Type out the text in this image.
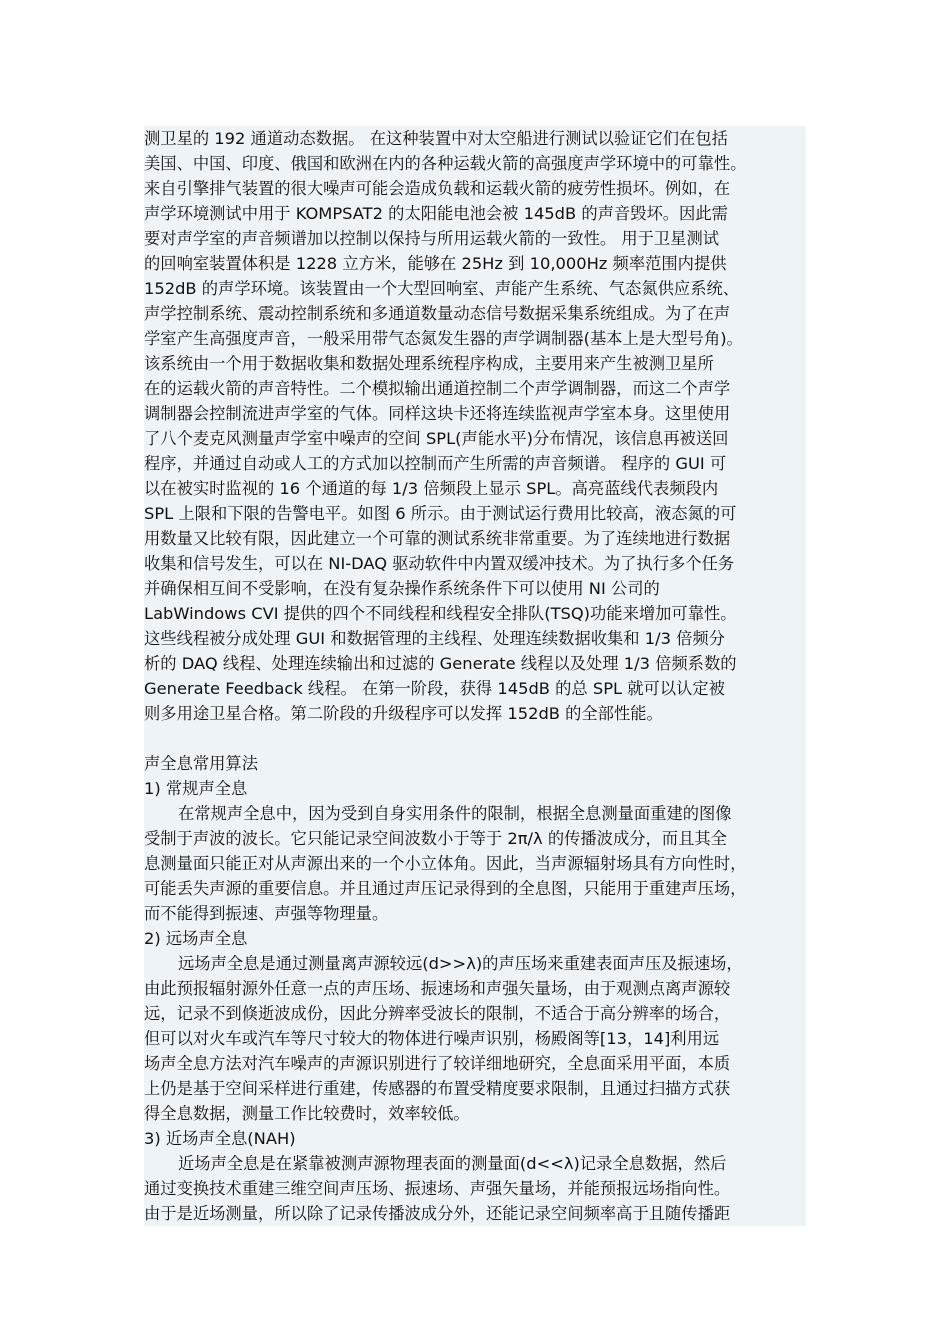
测卫星的 192 通道动态数据。 在这种装置中对太空船进行测试以验证它们在包括
美国、中国、印度、俄国和欧洲在内的各种运载火箭的高强度声学环境中的可靠性。
来自引擎排气装置的很大噪声可能会造成负载和运载火箭的疲劳性损坏。例如，在
声学环境测试中用于 KOMPSAT2 的太阳能电池会被 145dB 的声音毁坏。因此需
要对声学室的声音频谱加以控制以保持与所用运载火箭的一致性。 用于卫星测试
的回响室装置体积是 1228 立方米，能够在 25Hz 到 10,000Hz 频率范围内提供
152dB 的声学环境。该装置由一个大型回响室、声能产生系统、气态氮供应系统、
声学控制系统、震动控制系统和多通道数量动态信号数据采集系统组成。为了在声
学室产生高强度声音，一般采用带气态氮发生器的声学调制器(基本上是大型号角)。
该系统由一个用于数据收集和数据处理系统程序构成，主要用来产生被测卫星所
在的运载火箭的声音特性。二个模拟输出通道控制二个声学调制器，而这二个声学
调制器会控制流进声学室的气体。同样这块卡还将连续监视声学室本身。这里使用
了八个麦克风测量声学室中噪声的空间 SPL(声能水平)分布情况，该信息再被送回
程序，并通过自动或人工的方式加以控制而产生所需的声音频谱。 程序的 GUI 可
以在被实时监视的 16 个通道的每 1/3 倍频段上显示 SPL。高亮蓝线代表频段内
SPL 上限和下限的告警电平。如图 6 所示。由于测试运行费用比较高，液态氮的可
用数量又比较有限，因此建立一个可靠的测试系统非常重要。为了连续地进行数据
收集和信号发生，可以在 NI-DAQ 驱动软件中内置双缓冲技术。为了执行多个任务
并确保相互间不受影响，在没有复杂操作系统条件下可以使用 NI 公司的
LabWindows CVI 提供的四个不同线程和线程安全排队(TSQ)功能来增加可靠性。
这些线程被分成处理 GUI 和数据管理的主线程、处理连续数据收集和 1/3 倍频分
析的 DAQ 线程、处理连续输出和过滤的 Generate 线程以及处理 1/3 倍频系数的
Generate Feedback 线程。 在第一阶段，获得 145dB 的总 SPL 就可以认定被
则多用途卫星合格。第二阶段的升级程序可以发挥 152dB 的全部性能。
声全息常用算法
1) 常规声全息
在常规声全息中，因为受到自身实用条件的限制，根据全息测量面重建的图像
受制于声波的波长。它只能记录空间波数小于等于 2π/λ 的传播波成分，而且其全
息测量面只能正对从声源出来的一个小立体角。因此，当声源辐射场具有方向性时，
可能丢失声源的重要信息。并且通过声压记录得到的全息图，只能用于重建声压场，
而不能得到振速、声强等物理量。
2) 远场声全息
远场声全息是通过测量离声源较远(d>>λ)的声压场来重建表面声压及振速场，
由此预报辐射源外任意一点的声压场、振速场和声强矢量场，由于观测点离声源较
远，记录不到倏逝波成份，因此分辨率受波长的限制，不适合于高分辨率的场合，
但可以对火车或汽车等尺寸较大的物体进行噪声识别，杨殿阁等[13，14]利用远
场声全息方法对汽车噪声的声源识别进行了较详细地研究，全息面采用平面，本质
上仍是基于空间采样进行重建，传感器的布置受精度要求限制，且通过扫描方式获
得全息数据，测量工作比较费时，效率较低。
3) 近场声全息(NAH)
近场声全息是在紧靠被测声源物理表面的测量面(d<<λ)记录全息数据，然后
通过变换技术重建三维空间声压场、振速场、声强矢量场，并能预报远场指向性。
由于是近场测量，所以除了记录传播波成分外，还能记录空间频率高于且随传播距
